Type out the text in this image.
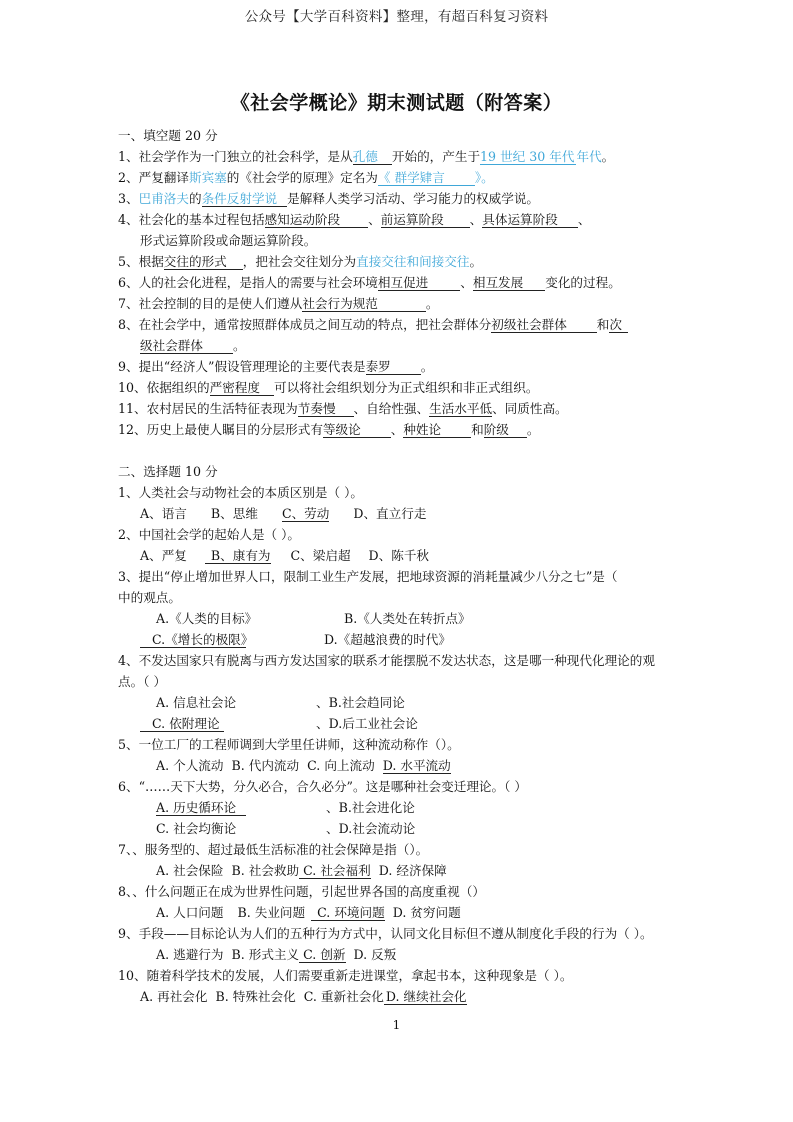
公众号【大学百科资料】整理，有超百科复习资料
《社会学概论》期末测试题（附答案）
一、填空题 20 分
1、社会学作为一门独立的社会科学，是从孔德 开始的，产生于19 世纪 30 年代 年代。
2、严复翻译斯宾塞的《社会学的原理》定名为《 群学肄言 》。
3、巴甫洛夫的条件反射学说是解释人类学习活动、学习能力的权威学说。
4、社会化的基本过程包括感知运动阶段 、前运算阶段 、具体运算阶段 、
形式运算阶段或命题运算阶段。
5、根据交往的形式，把社会交往划分为直接交往和间接交往。
6、人的社会化进程，是指人的需要与社会环境相互促进	、相互发展 变化的过程。
7、社会控制的目的是使人们遵从社会行为规范	。
8、在社会学中，通常按照群体成员之间互动的特点，把社会群体分初级社会群体 和次
级社会群体 。
9、提出“经济人”假设管理理论的主要代表是泰罗 。
10、依据组织的严密程度可以将社会组织划分为正式组织和非正式组织。
11、农村居民的生活特征表现为节奏慢 、自给性强、生活水平低、同质性高。
12、历史上最使人瞩目的分层形式有等级论 、种姓论 和阶级 。
二、选择题 10 分
1、人类社会与动物社会的本质区别是（ ）。
A、语言 B、思维 C、劳动 D、直立行走
2、中国社会学的起始人是（ ）。
A、严复 B、康有为 C、梁启超 D、陈千秋
3、提出“停止增加世界人口，限制工业生产发展，把地球资源的消耗量减少八分之七”是（
中的观点。
A.《人类的目标》	B.《人类处在转折点》
C.《增长的极限》	D.《超越浪费的时代》
4、不发达国家只有脱离与西方发达国家的联系才能摆脱不发达状态，这是哪一种现代化理论的观
点。（ ）
A. 信息社会论	、B.社会趋同论
C. 依附理论	、D.后工业社会论
5、一位工厂的工程师调到大学里任讲师，这种流动称作（）。
A. 个人流动 B. 代内流动 C. 向上流动 D. 水平流动
6、“……天下大势，分久必合，合久必分”。这是哪种社会变迁理论。（ ）
A. 历史循环论	、B.社会进化论
C. 社会均衡论	、D.社会流动论
7、、服务型的、超过最低生活标准的社会保障是指（）。
A. 社会保险 B. 社会救助 C. 社会福利 D. 经济保障
8、、什么问题正在成为世界性问题，引起世界各国的高度重视（）
A. 人口问题 B. 失业问题 C. 环境问题 D. 贫穷问题
9、手段——目标论认为人们的五种行为方式中，认同文化目标但不遵从制度化手段的行为（ ）。
A. 逃避行为 B. 形式主义 C. 创新 D. 反叛
10、随着科学技术的发展，人们需要重新走进课堂，拿起书本，这种现象是（ ）。
A. 再社会化 B. 特殊社会化 C. 重新社会化 D. 继续社会化
1
